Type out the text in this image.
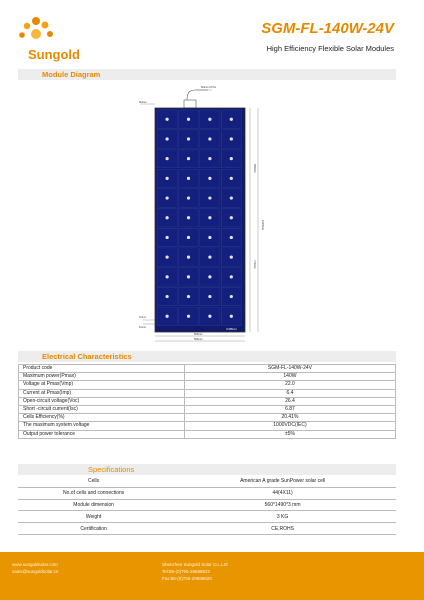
Sungold
SGM-FL-140W-24V
High Efficiency Flexible Solar Modules
Module Diagram
Φ4mm×0.5m
Φ4mm
1020mm
980mm
772mm
560mm
560mm
11mm
11mm
3×Φ8mm
Electrical Characteristics
Product code	SGM-FL-140W-24V
Maximum power(Pmax)	140W
Voltage at Pmax(Vmp)	22.0
Current at Pmax(Imp)	6.4
Open-circuit voltage(Voc)	26.4
Short -circuit current(Isc)	6.87
Cells Efficiency(%)	20.41%
The maximum system voltage	1000VDC(IEC)
Output power tolerance	±5%
Specifications
Cells	American A grade SunPower solar cell
No.of cells and connections	44(4X11)
Module dimension	560*1490*3 mm
Weight	3 KG
Certification	CE,ROHS
www.sungoldsolar.com
sales@sungoldsolar.cn
Shenzhen Sungold Solar Co.,Ltd
Tel:86-(0)755-29688622
Fax:86-(0)755-29688620
